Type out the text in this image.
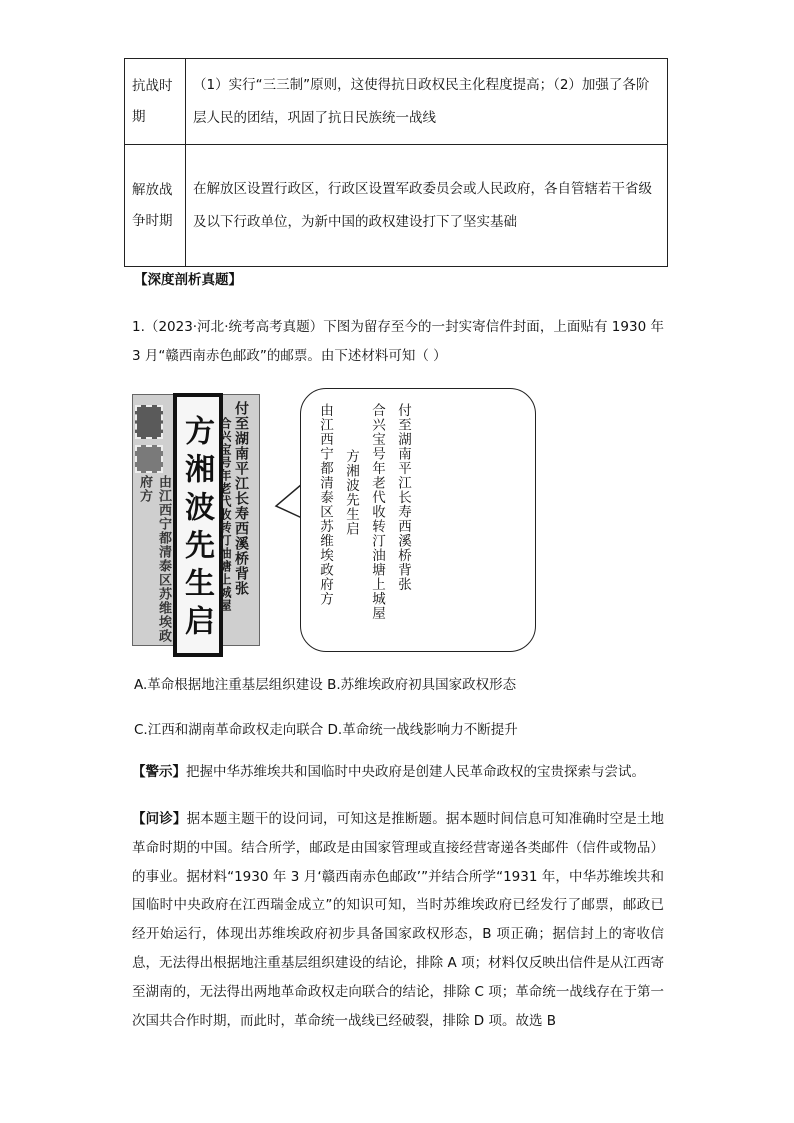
抗战时期	（1）实行“三三制”原则，这使得抗日政权民主化程度提高；（2）加强了各阶层人民的团结，巩固了抗日民族统一战线
解放战争时期	在解放区设置行政区，行政区设置军政委员会或人民政府，各自管辖若干省级及以下行政单位，为新中国的政权建设打下了坚实基础

【深度剖析真题】

1.（2023·河北·统考高考真题）下图为留存至今的一封实寄信件封面，上面贴有 1930 年 3 月“赣西南赤色邮政”的邮票。由下述材料可知（ ）

由江西宁都清泰区苏维埃政府方 方湘波先生启 付至湖南平江长寿西溪桥背张
合兴宝号年老代收转汀油塘上城屋	付至湖南平江长寿西溪桥背张
合兴宝号年老代收转汀油塘上城屋
方湘波先生启
由江西宁都清泰区苏维埃政府方

A.革命根据地注重基层组织建设 B.苏维埃政府初具国家政权形态

C.江西和湖南革命政权走向联合 D.革命统一战线影响力不断提升

【警示】把握中华苏维埃共和国临时中央政府是创建人民革命政权的宝贵探索与尝试。

【问诊】据本题主题干的设问词，可知这是推断题。据本题时间信息可知准确时空是土地革命时期的中国。结合所学，邮政是由国家管理或直接经营寄递各类邮件（信件或物品）的事业。据材料“1930 年 3 月‘赣西南赤色邮政’”并结合所学“1931 年，中华苏维埃共和国临时中央政府在江西瑞金成立”的知识可知，当时苏维埃政府已经发行了邮票，邮政已经开始运行，体现出苏维埃政府初步具备国家政权形态，B 项正确；据信封上的寄收信息，无法得出根据地注重基层组织建设的结论，排除 A 项；材料仅反映出信件是从江西寄至湖南的，无法得出两地革命政权走向联合的结论，排除 C 项；革命统一战线存在于第一次国共合作时期，而此时，革命统一战线已经破裂，排除 D 项。故选 B
